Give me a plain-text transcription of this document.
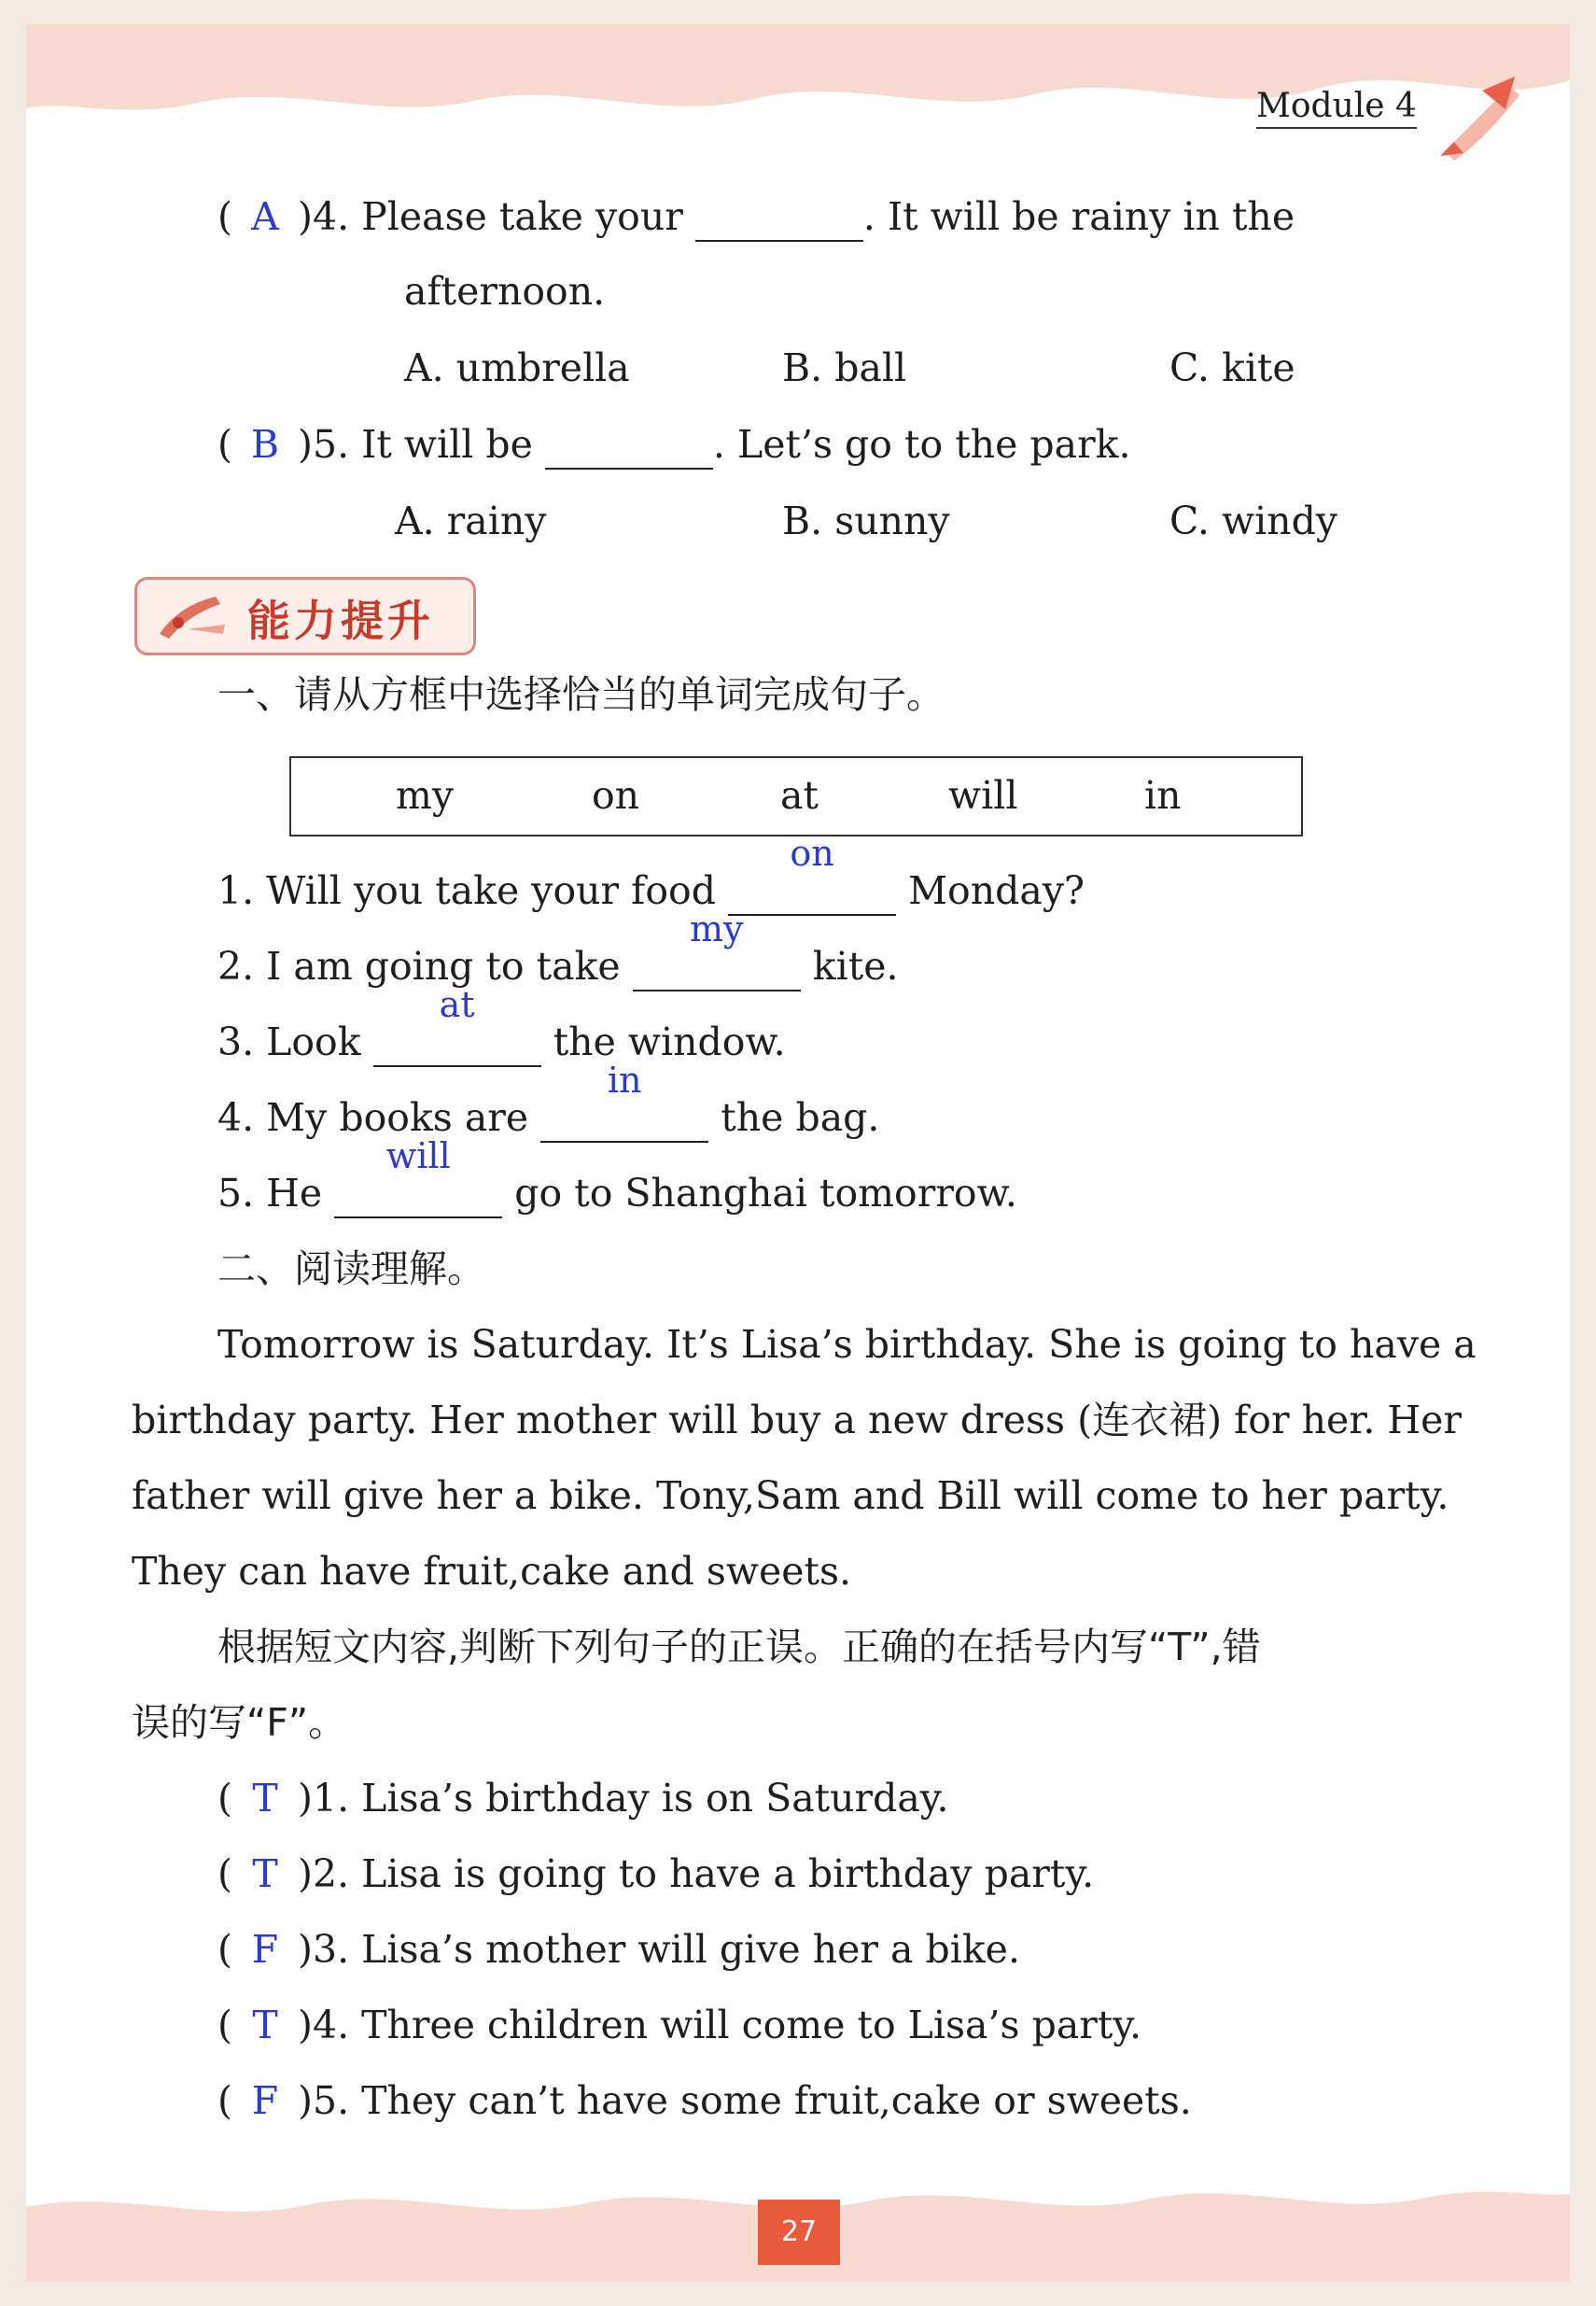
Module 4
( A )4. Please take your	. It will be rainy in the
afternoon.
A. umbrella	B. ball	C. kite
( B )5. It will be	. Let’s go to the park.
A. rainy	B. sunny	C. windy
能力提升
一、请从方框中选择恰当的单词完成句子。
my	on	at	will	in
1. Will you take your food
on
Monday?
2. I am going to take
my
kite.
3. Look
at
the window.
4. My books are
in
the bag.
5. He
will
go to Shanghai tomorrow.
二、阅读理解。
Tomorrow is Saturday. It’s Lisa’s birthday. She is going to have a
birthday party. Her mother will buy a new dress (连衣裙) for her. Her
father will give her a bike. Tony,Sam and Bill will come to her party.
They can have fruit,cake and sweets.
根据短文内容,判断下列句子的正误。正确的在括号内写“T”,错
误的写“F”。
( T )1. Lisa’s birthday is on Saturday.
( T )2. Lisa is going to have a birthday party.
( F )3. Lisa’s mother will give her a bike.
( T )4. Three children will come to Lisa’s party.
( F )5. They can’t have some fruit,cake or sweets.
27
